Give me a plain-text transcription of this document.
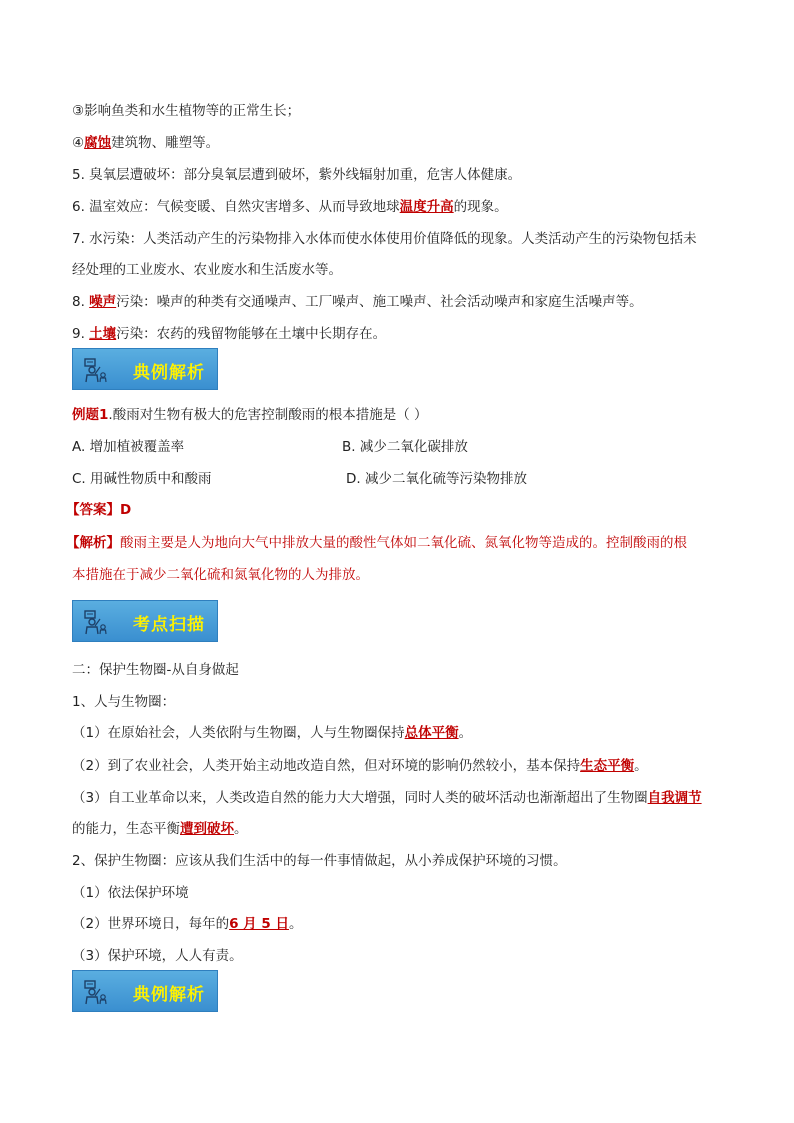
③影响鱼类和水生植物等的正常生长；
④腐蚀建筑物、雕塑等。
5. 臭氧层遭破坏：部分臭氧层遭到破坏，紫外线辐射加重，危害人体健康。
6. 温室效应：气候变暖、自然灾害增多、从而导致地球温度升高的现象。
7. 水污染：人类活动产生的污染物排入水体而使水体使用价值降低的现象。人类活动产生的污染物包括未
经处理的工业废水、农业废水和生活废水等。
8. 噪声污染：噪声的种类有交通噪声、工厂噪声、施工噪声、社会活动噪声和家庭生活噪声等。
9. 土壤污染：农药的残留物能够在土壤中长期存在。
典例解析
例题1.酸雨对生物有极大的危害控制酸雨的根本措施是（ ）
A. 增加植被覆盖率	B. 减少二氧化碳排放
C. 用碱性物质中和酸雨	D. 减少二氧化硫等污染物排放
【答案】D
【解析】酸雨主要是人为地向大气中排放大量的酸性气体如二氧化硫、氮氧化物等造成的。控制酸雨的根
本措施在于减少二氧化硫和氮氧化物的人为排放。
考点扫描
二：保护生物圈-从自身做起
1、人与生物圈：
（1）在原始社会，人类依附与生物圈，人与生物圈保持总体平衡。
（2）到了农业社会，人类开始主动地改造自然，但对环境的影响仍然较小，基本保持生态平衡。
（3）自工业革命以来，人类改造自然的能力大大增强，同时人类的破坏活动也渐渐超出了生物圈自我调节
的能力，生态平衡遭到破坏。
2、保护生物圈：应该从我们生活中的每一件事情做起，从小养成保护环境的习惯。
（1）依法保护环境
（2）世界环境日，每年的6 月 5 日。
（3）保护环境，人人有责。
典例解析
